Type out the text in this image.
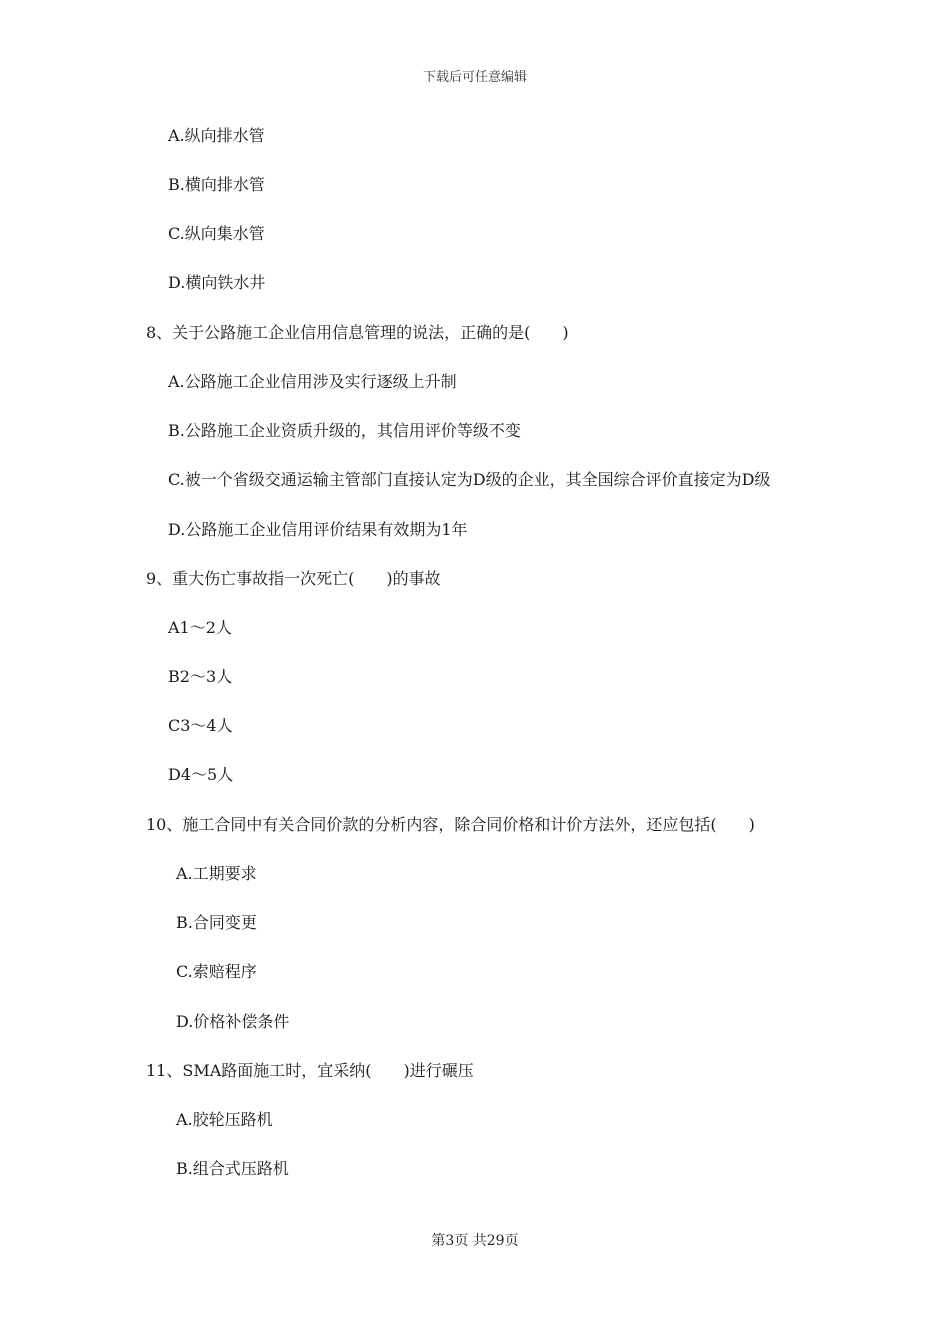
下载后可任意编辑
A.纵向排水管
B.横向排水管
C.纵向集水管
D.横向铁水井
8、关于公路施工企业信用信息管理的说法，正确的是(　　)
A.公路施工企业信用涉及实行逐级上升制
B.公路施工企业资质升级的，其信用评价等级不变
C.被一个省级交通运输主管部门直接认定为D级的企业，其全国综合评价直接定为D级
D.公路施工企业信用评价结果有效期为1年
9、重大伤亡事故指一次死亡(　　)的事故
A1～2人
B2～3人
C3～4人
D4～5人
10、施工合同中有关合同价款的分析内容，除合同价格和计价方法外，还应包括(　　)
A.工期要求
B.合同变更
C.索赔程序
D.价格补偿条件
11、SMA路面施工时，宜采纳(　　)进行碾压
A.胶轮压路机
B.组合式压路机
第3页 共29页
